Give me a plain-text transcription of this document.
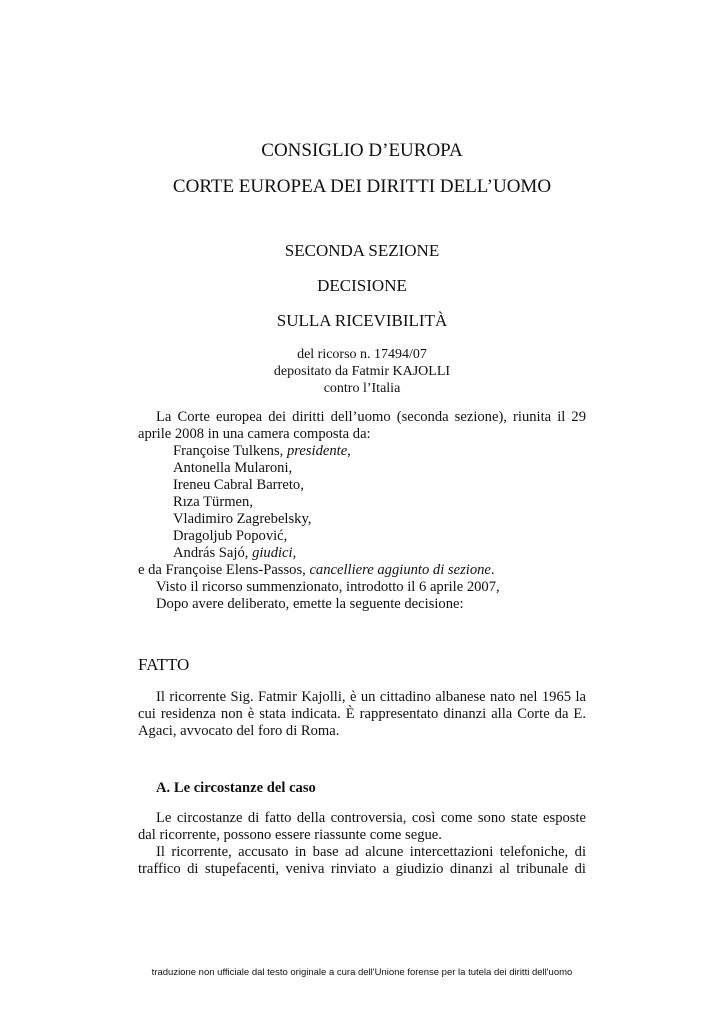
CONSIGLIO D’EUROPA
CORTE EUROPEA DEI DIRITTI DELL’UOMO
SECONDA SEZIONE
DECISIONE
SULLA RICEVIBILITÀ
del ricorso n. 17494/07
depositato da Fatmir KAJOLLI
contro l’Italia
La Corte europea dei diritti dell’uomo (seconda sezione), riunita il 29
aprile 2008 in una camera composta da:
Françoise Tulkens, presidente,
Antonella Mularoni,
Ireneu Cabral Barreto,
Rıza Türmen,
Vladimiro Zagrebelsky,
Dragoljub Popović,
András Sajó, giudici,
e da Françoise Elens-Passos, cancelliere aggiunto di sezione.
Visto il ricorso summenzionato, introdotto il 6 aprile 2007,
Dopo avere deliberato, emette la seguente decisione:
FATTO
Il ricorrente Sig. Fatmir Kajolli, è un cittadino albanese nato nel 1965 la
cui residenza non è stata indicata. È rappresentato dinanzi alla Corte da E.
Agaci, avvocato del foro di Roma.
A. Le circostanze del caso
Le circostanze di fatto della controversia, così come sono state esposte
dal ricorrente, possono essere riassunte come segue.
Il ricorrente, accusato in base ad alcune intercettazioni telefoniche, di
traffico di stupefacenti, veniva rinviato a giudizio dinanzi al tribunale di
traduzione non ufficiale dal testo originale a cura dell'Unione forense per la tutela dei diritti dell'uomo
